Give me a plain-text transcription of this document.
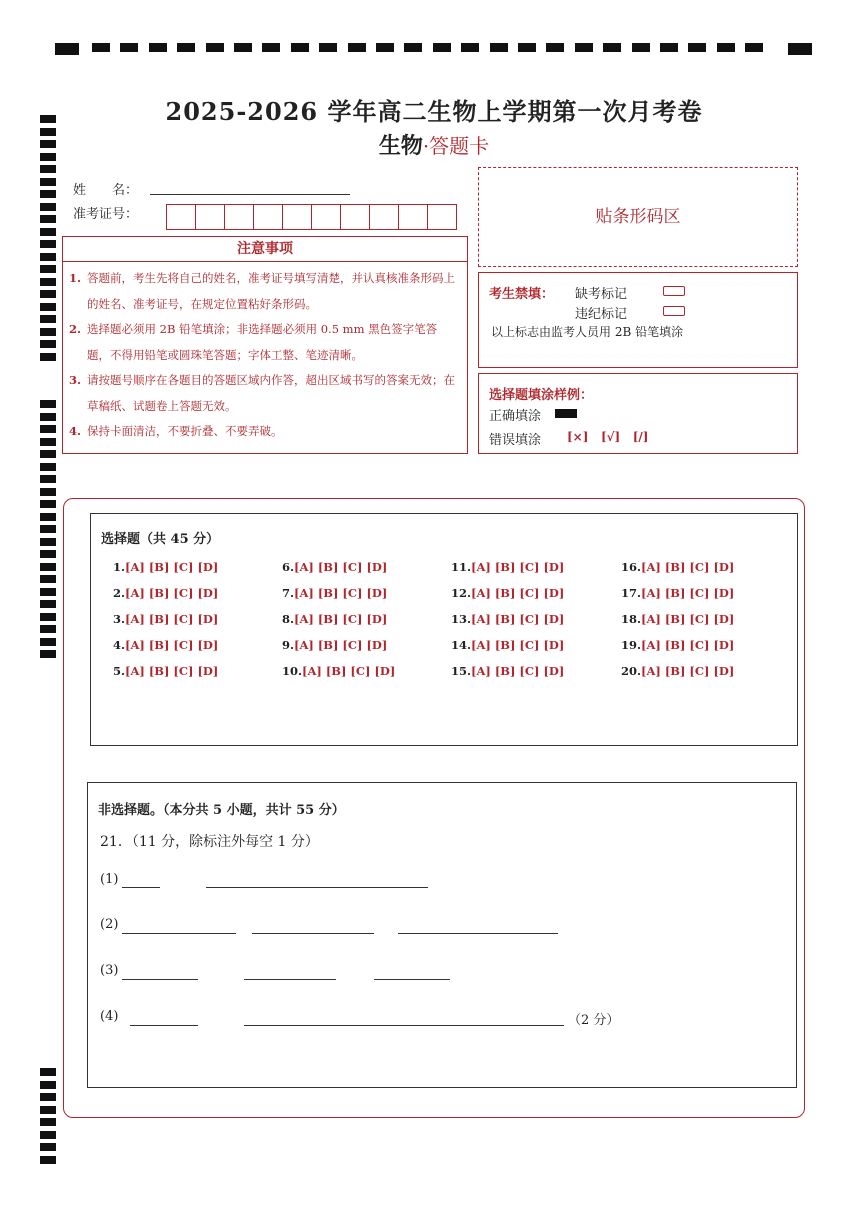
2025-2026 学年高二生物上学期第一次月考卷
生物·答题卡
姓　　名：
准考证号：
注意事项
1. 答题前，考生先将自己的姓名，准考证号填写清楚，并认真核准条形码上的姓名、准考证号，在规定位置粘好条形码。
2. 选择题必须用 2B 铅笔填涂；非选择题必须用 0.5 mm 黑色签字笔答题，不得用铅笔或圆珠笔答题；字体工整、笔迹清晰。
3. 请按题号顺序在各题目的答题区域内作答，超出区域书写的答案无效；在草稿纸、试题卷上答题无效。
4. 保持卡面清洁，不要折叠、不要弄破。
贴条形码区
考生禁填： 缺考标记
违纪标记
以上标志由监考人员用 2B 铅笔填涂
选择题填涂样例：
正确填涂
错误填涂 [×]   [√]   [/]
选择题（共 45 分）
1.[A] [B] [C] [D]
2.[A] [B] [C] [D]
3.[A] [B] [C] [D]
4.[A] [B] [C] [D]
5.[A] [B] [C] [D]
6.[A] [B] [C] [D]
7.[A] [B] [C] [D]
8.[A] [B] [C] [D]
9.[A] [B] [C] [D]
10.[A] [B] [C] [D]
11.[A] [B] [C] [D]
12.[A] [B] [C] [D]
13.[A] [B] [C] [D]
14.[A] [B] [C] [D]
15.[A] [B] [C] [D]
16.[A] [B] [C] [D]
17.[A] [B] [C] [D]
18.[A] [B] [C] [D]
19.[A] [B] [C] [D]
20.[A] [B] [C] [D]
非选择题。（本分共 5 小题，共计 55 分）
21．（11 分，除标注外每空 1 分）
(1)
(2)
(3)
(4)	（2 分）
